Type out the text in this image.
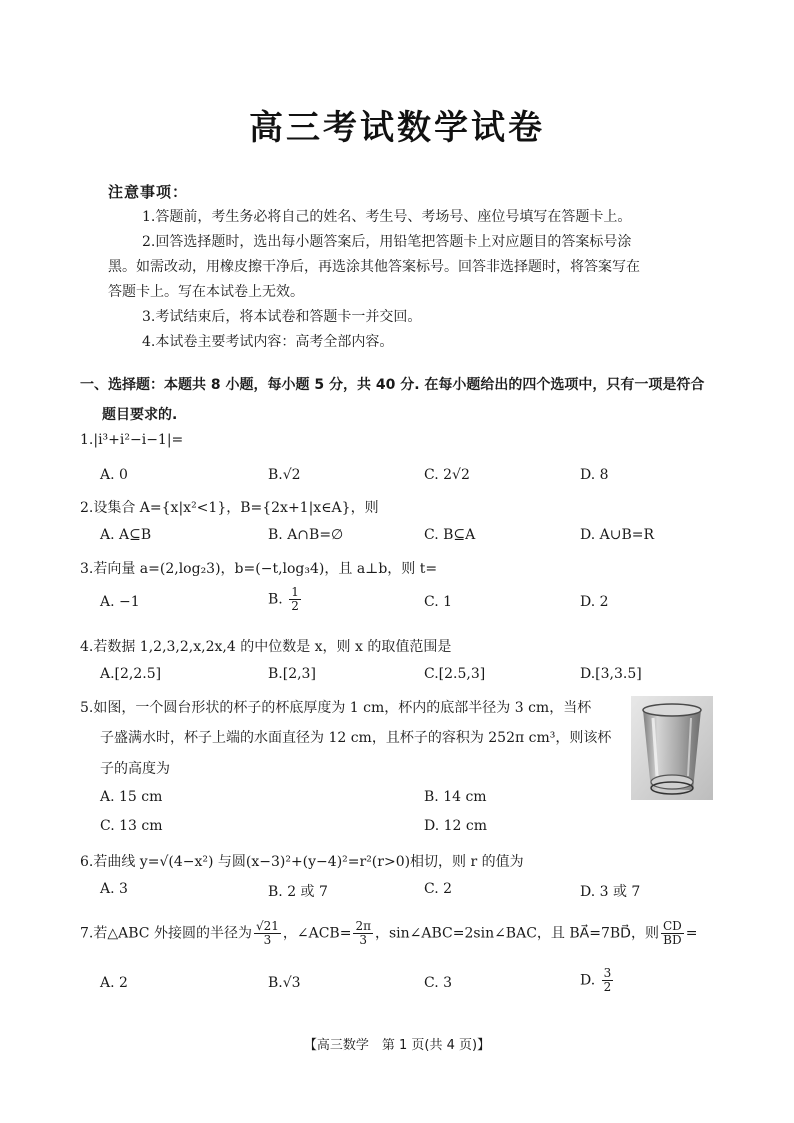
高三考试数学试卷
注意事项：
1.答题前，考生务必将自己的姓名、考生号、考场号、座位号填写在答题卡上。
2.回答选择题时，选出每小题答案后，用铅笔把答题卡上对应题目的答案标号涂
黑。如需改动，用橡皮擦干净后，再选涂其他答案标号。回答非选择题时，将答案写在
答题卡上。写在本试卷上无效。
3.考试结束后，将本试卷和答题卡一并交回。
4.本试卷主要考试内容：高考全部内容。
一、选择题：本题共 8 小题，每小题 5 分，共 40 分. 在每小题给出的四个选项中，只有一项是符合
题目要求的.
1.|i³+i²−i−1|=
A. 0	B.√2	C. 2√2	D. 8
2.设集合 A={x|x²<1}，B={2x+1|x∈A}，则
A. A⊆B	B. A∩B=∅	C. B⊆A	D. A∪B=R
3.若向量 a=(2,log₂3)，b=(−t,log₃4)，且 a⊥b，则 t=
A. −1	B. $\frac{1}{2}$	C. 1	D. 2
4.若数据 1,2,3,2,x,2x,4 的中位数是 x，则 x 的取值范围是
A.[2,2.5]	B.[2,3]	C.[2.5,3]	D.[3,3.5]
5.如图，一个圆台形状的杯子的杯底厚度为 1 cm，杯内的底部半径为 3 cm，当杯
子盛满水时，杯子上端的水面直径为 12 cm，且杯子的容积为 252π cm³，则该杯
子的高度为
A. 15 cm	B. 14 cm
C. 13 cm	D. 12 cm
6.若曲线 y=√(4−x²) 与圆(x−3)²+(y−4)²=r²(r>0)相切，则 r 的值为
A. 3	B. 2 或 7	C. 2	D. 3 或 7
7.若△ABC 外接圆的半径为 $\frac{√21}{3}$ ，∠ACB= $\frac{2\pi}{3}$ ，sin∠ABC=2sin∠BAC，且 BA⃗=7BD⃗，则 $\frac{CD}{BD}$ =
A. 2	B.√3	C. 3	D. $\frac{3}{2}$
【高三数学　第 1 页(共 4 页)】
